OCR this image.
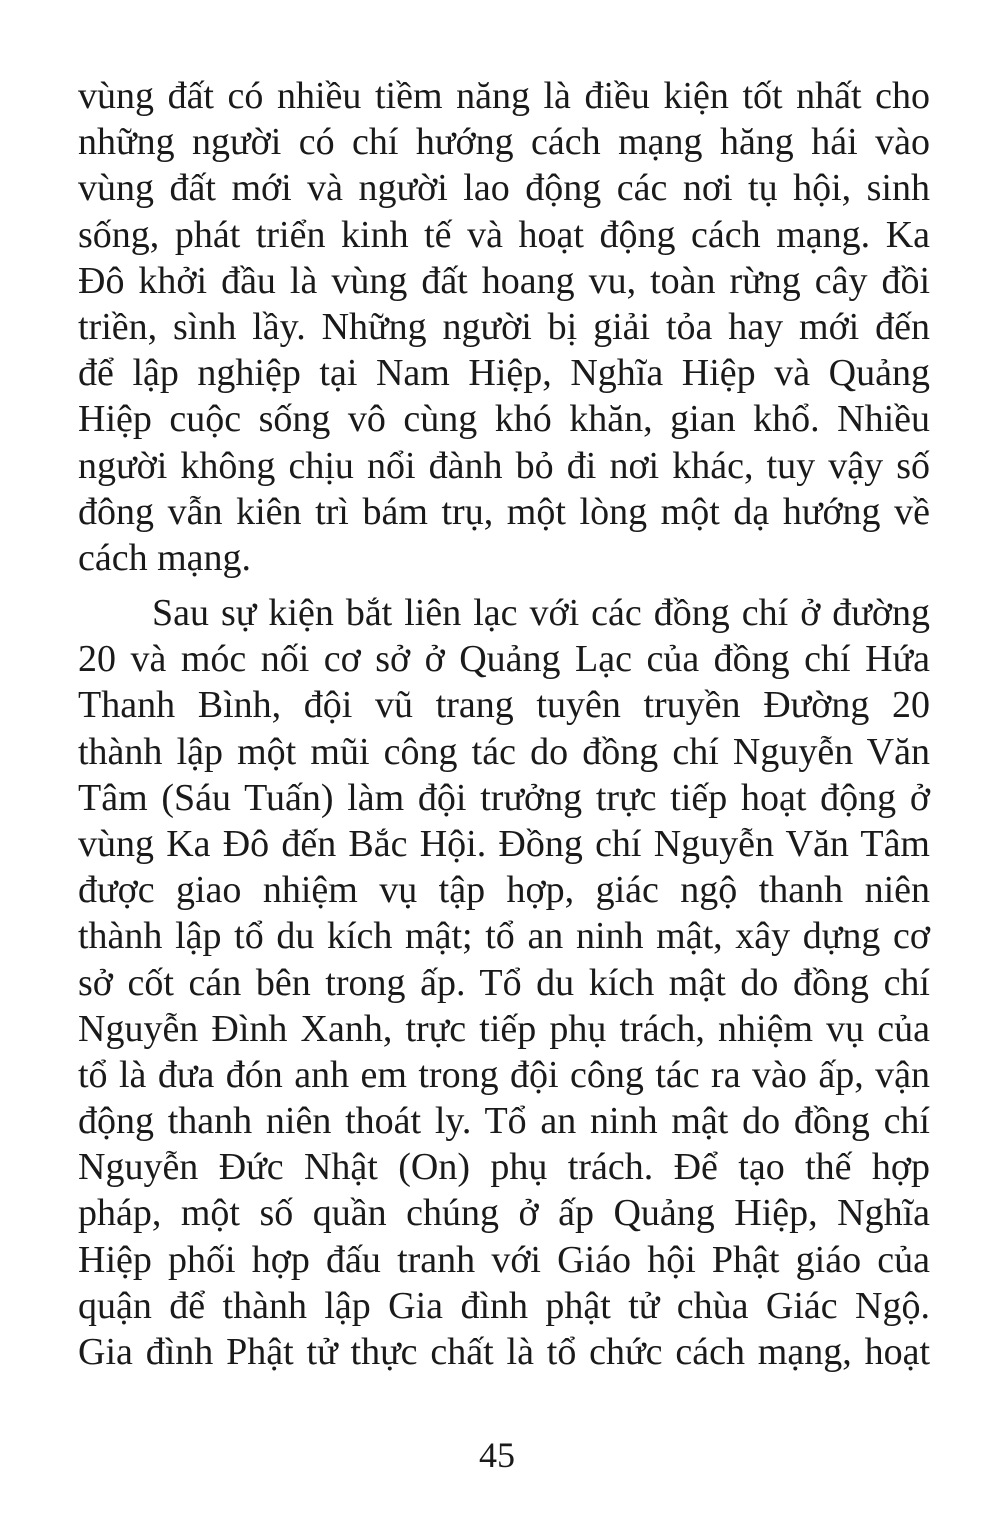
vùng đất có nhiều tiềm năng là điều kiện tốt nhất cho
những người có chí hướng cách mạng hăng hái vào
vùng đất mới và người lao động các nơi tụ hội, sinh
sống, phát triển kinh tế và hoạt động cách mạng. Ka
Đô khởi đầu là vùng đất hoang vu, toàn rừng cây đồi
triền, sình lầy. Những người bị giải tỏa hay mới đến
để lập nghiệp tại Nam Hiệp, Nghĩa Hiệp và Quảng
Hiệp cuộc sống vô cùng khó khăn, gian khổ. Nhiều
người không chịu nổi đành bỏ đi nơi khác, tuy vậy số
đông vẫn kiên trì bám trụ, một lòng một dạ hướng về
cách mạng.
Sau sự kiện bắt liên lạc với các đồng chí ở đường
20 và móc nối cơ sở ở Quảng Lạc của đồng chí Hứa
Thanh Bình, đội vũ trang tuyên truyền Đường 20
thành lập một mũi công tác do đồng chí Nguyễn Văn
Tâm (Sáu Tuấn) làm đội trưởng trực tiếp hoạt động ở
vùng Ka Đô đến Bắc Hội. Đồng chí Nguyễn Văn Tâm
được giao nhiệm vụ tập hợp, giác ngộ thanh niên
thành lập tổ du kích mật; tổ an ninh mật, xây dựng cơ
sở cốt cán bên trong ấp. Tổ du kích mật do đồng chí
Nguyễn Đình Xanh, trực tiếp phụ trách, nhiệm vụ của
tổ là đưa đón anh em trong đội công tác ra vào ấp, vận
động thanh niên thoát ly. Tổ an ninh mật do đồng chí
Nguyễn Đức Nhật (On) phụ trách. Để tạo thế hợp
pháp, một số quần chúng ở ấp Quảng Hiệp, Nghĩa
Hiệp phối hợp đấu tranh với Giáo hội Phật giáo của
quận để thành lập Gia đình phật tử chùa Giác Ngộ.
Gia đình Phật tử thực chất là tổ chức cách mạng, hoạt
45
